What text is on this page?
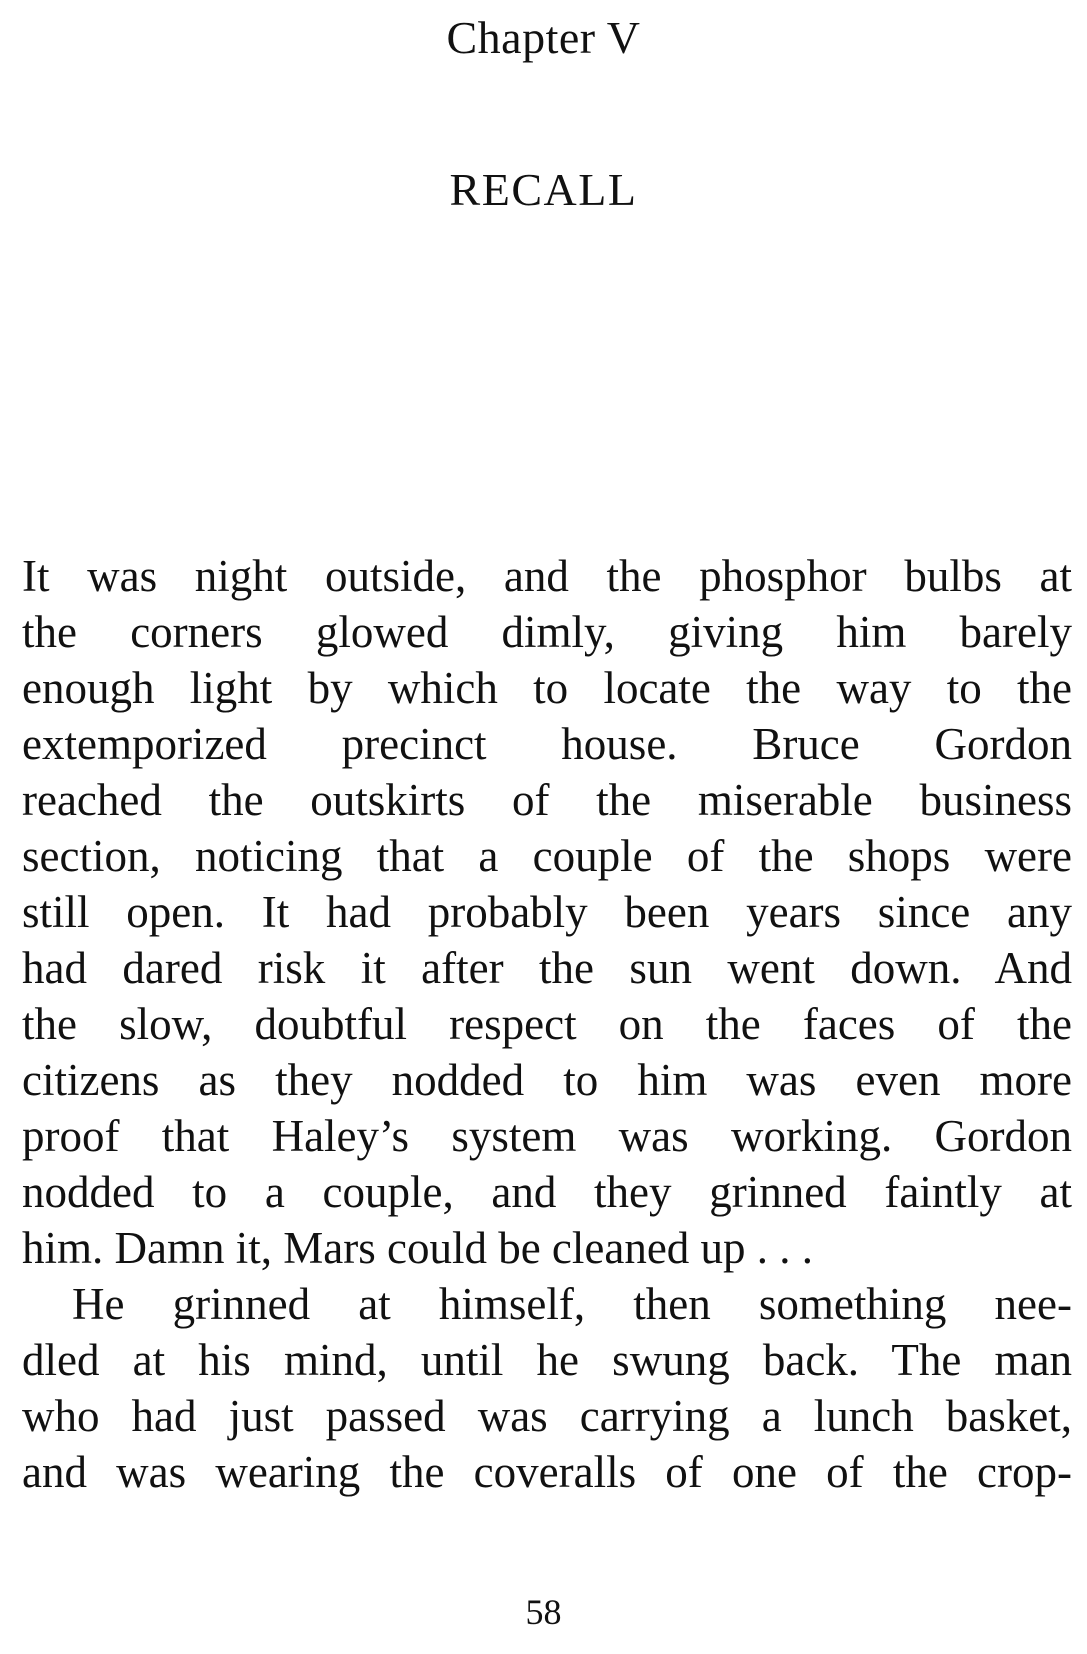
Chapter V
RECALL
It was night outside, and the phosphor bulbs at
the corners glowed dimly, giving him barely
enough light by which to locate the way to the
extemporized precinct house. Bruce Gordon
reached the outskirts of the miserable business
section, noticing that a couple of the shops were
still open. It had probably been years since any
had dared risk it after the sun went down. And
the slow, doubtful respect on the faces of the
citizens as they nodded to him was even more
proof that Haley’s system was working. Gordon
nodded to a couple, and they grinned faintly at
him. Damn it, Mars could be cleaned up . . .
He grinned at himself, then something nee-
dled at his mind, until he swung back. The man
who had just passed was carrying a lunch basket,
and was wearing the coveralls of one of the crop-
58
